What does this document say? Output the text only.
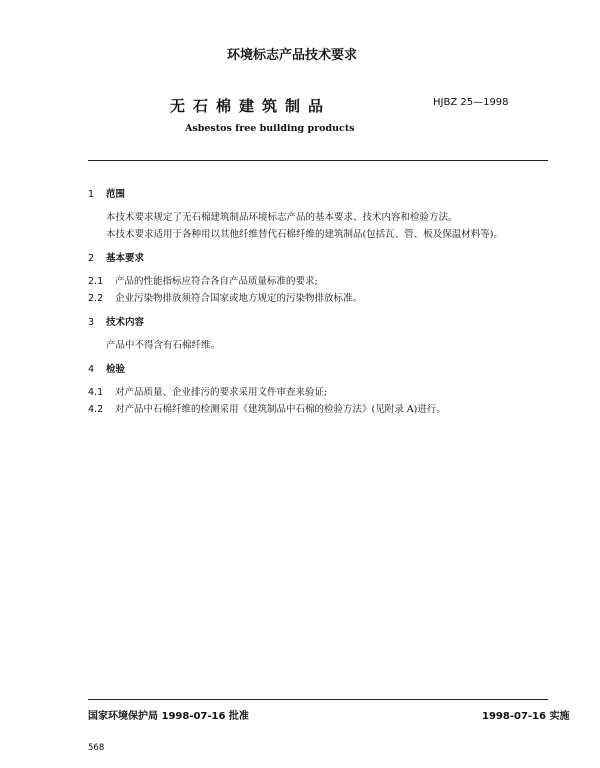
环境标志产品技术要求
无石棉建筑制品	HJBZ 25—1998
Asbestos free building products
1 范围
本技术要求规定了无石棉建筑制品环境标志产品的基本要求、技术内容和检验方法。
本技术要求适用于各种用以其他纤维替代石棉纤维的建筑制品(包括瓦、管、板及保温材料等)。
2 基本要求
2.1 产品的性能指标应符合各自产品质量标准的要求;
2.2 企业污染物排放须符合国家或地方规定的污染物排放标准。
3 技术内容
产品中不得含有石棉纤维。
4 检验
4.1 对产品质量、企业排污的要求采用文件审查来验证;
4.2 对产品中石棉纤维的检测采用《建筑制品中石棉的检验方法》(见附录 A)进行。
国家环境保护局 1998-07-16 批准	1998-07-16 实施
568
